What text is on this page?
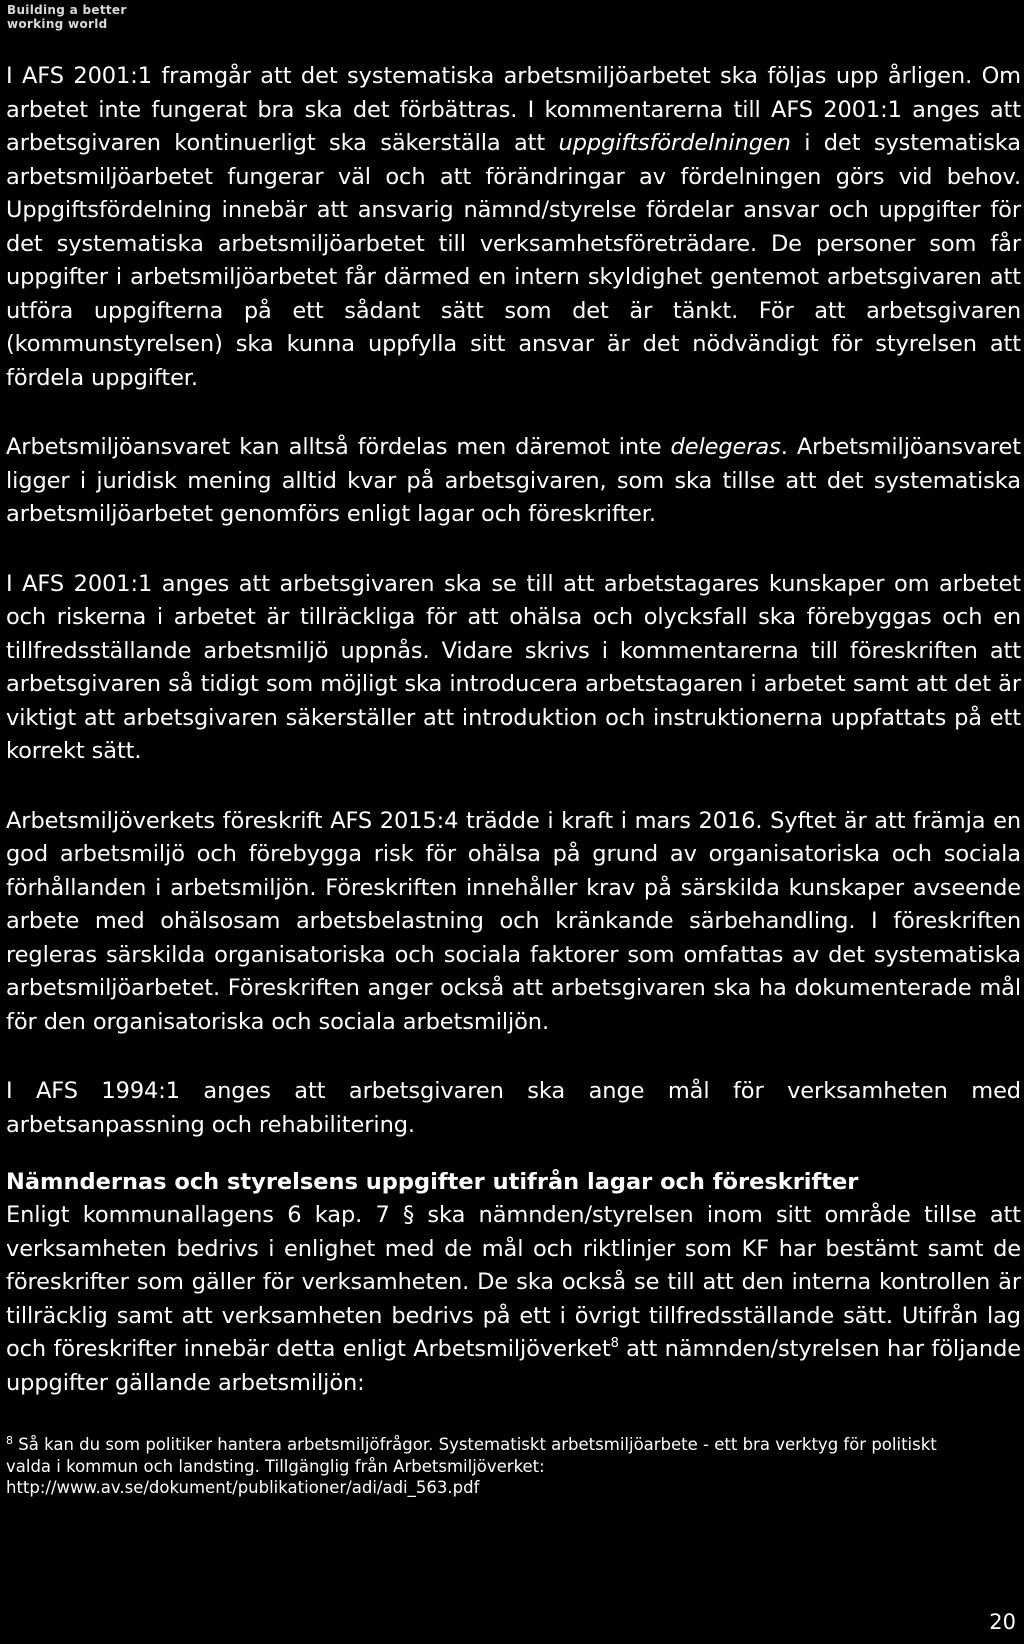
Building a better
working world

I AFS 2001:1 framgår att det systematiska arbetsmiljöarbetet ska följas upp årligen. Om arbetet inte fungerat bra ska det förbättras. I kommentarerna till AFS 2001:1 anges att arbetsgivaren kontinuerligt ska säkerställa att uppgiftsfördelningen i det systematiska arbetsmiljöarbetet fungerar väl och att förändringar av fördelningen görs vid behov. Uppgiftsfördelning innebär att ansvarig nämnd/styrelse fördelar ansvar och uppgifter för det systematiska arbetsmiljöarbetet till verksamhetsföreträdare. De personer som får uppgifter i arbetsmiljöarbetet får därmed en intern skyldighet gentemot arbetsgivaren att utföra uppgifterna på ett sådant sätt som det är tänkt. För att arbetsgivaren (kommunstyrelsen) ska kunna uppfylla sitt ansvar är det nödvändigt för styrelsen att fördela uppgifter.

Arbetsmiljöansvaret kan alltså fördelas men däremot inte delegeras. Arbetsmiljöansvaret ligger i juridisk mening alltid kvar på arbetsgivaren, som ska tillse att det systematiska arbetsmiljöarbetet genomförs enligt lagar och föreskrifter.

I AFS 2001:1 anges att arbetsgivaren ska se till att arbetstagares kunskaper om arbetet och riskerna i arbetet är tillräckliga för att ohälsa och olycksfall ska förebyggas och en tillfredsställande arbetsmiljö uppnås. Vidare skrivs i kommentarerna till föreskriften att arbetsgivaren så tidigt som möjligt ska introducera arbetstagaren i arbetet samt att det är viktigt att arbetsgivaren säkerställer att introduktion och instruktionerna uppfattats på ett korrekt sätt.

Arbetsmiljöverkets föreskrift AFS 2015:4 trädde i kraft i mars 2016. Syftet är att främja en god arbetsmiljö och förebygga risk för ohälsa på grund av organisatoriska och sociala förhållanden i arbetsmiljön. Föreskriften innehåller krav på särskilda kunskaper avseende arbete med ohälsosam arbetsbelastning och kränkande särbehandling. I föreskriften regleras särskilda organisatoriska och sociala faktorer som omfattas av det systematiska arbetsmiljöarbetet. Föreskriften anger också att arbetsgivaren ska ha dokumenterade mål för den organisatoriska och sociala arbetsmiljön.

I AFS 1994:1 anges att arbetsgivaren ska ange mål för verksamheten med arbetsanpassning och rehabilitering.

Nämndernas och styrelsens uppgifter utifrån lagar och föreskrifter

Enligt kommunallagens 6 kap. 7 § ska nämnden/styrelsen inom sitt område tillse att verksamheten bedrivs i enlighet med de mål och riktlinjer som KF har bestämt samt de föreskrifter som gäller för verksamheten. De ska också se till att den interna kontrollen är tillräcklig samt att verksamheten bedrivs på ett i övrigt tillfredsställande sätt. Utifrån lag och föreskrifter innebär detta enligt Arbetsmiljöverket$^8$ att nämnden/styrelsen har följande uppgifter gällande arbetsmiljön:

$^8$ Så kan du som politiker hantera arbetsmiljöfrågor. Systematiskt arbetsmiljöarbete - ett bra verktyg för politiskt valda i kommun och landsting. Tillgänglig från Arbetsmiljöverket: http://www.av.se/dokument/publikationer/adi/adi_563.pdf
20
